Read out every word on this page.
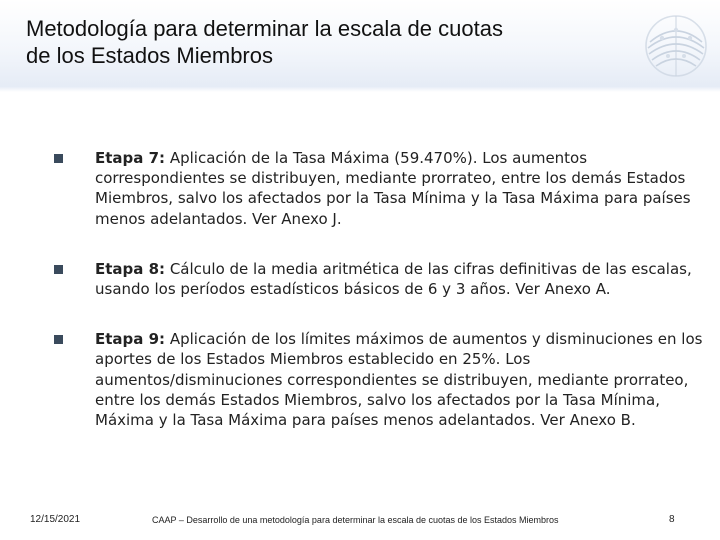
Metodología para determinar la escala de cuotas
de los Estados Miembros
Etapa 7: Aplicación de la Tasa Máxima (59.470%). Los aumentos correspondientes se distribuyen, mediante prorrateo, entre los demás Estados Miembros, salvo los afectados por la Tasa Mínima y la Tasa Máxima para países menos adelantados. Ver Anexo J.
Etapa 8: Cálculo de la media aritmética de las cifras definitivas de las escalas, usando los períodos estadísticos básicos de 6 y 3 años. Ver Anexo A.
Etapa 9: Aplicación de los límites máximos de aumentos y disminuciones en los aportes de los Estados Miembros establecido en 25%. Los aumentos/disminuciones correspondientes se distribuyen, mediante prorrateo, entre los demás Estados Miembros, salvo los afectados por la Tasa Mínima, Máxima y la Tasa Máxima para países menos adelantados. Ver Anexo B.
12/15/2021	CAAP – Desarrollo de una metodología para determinar la escala de cuotas de los Estados Miembros	8
